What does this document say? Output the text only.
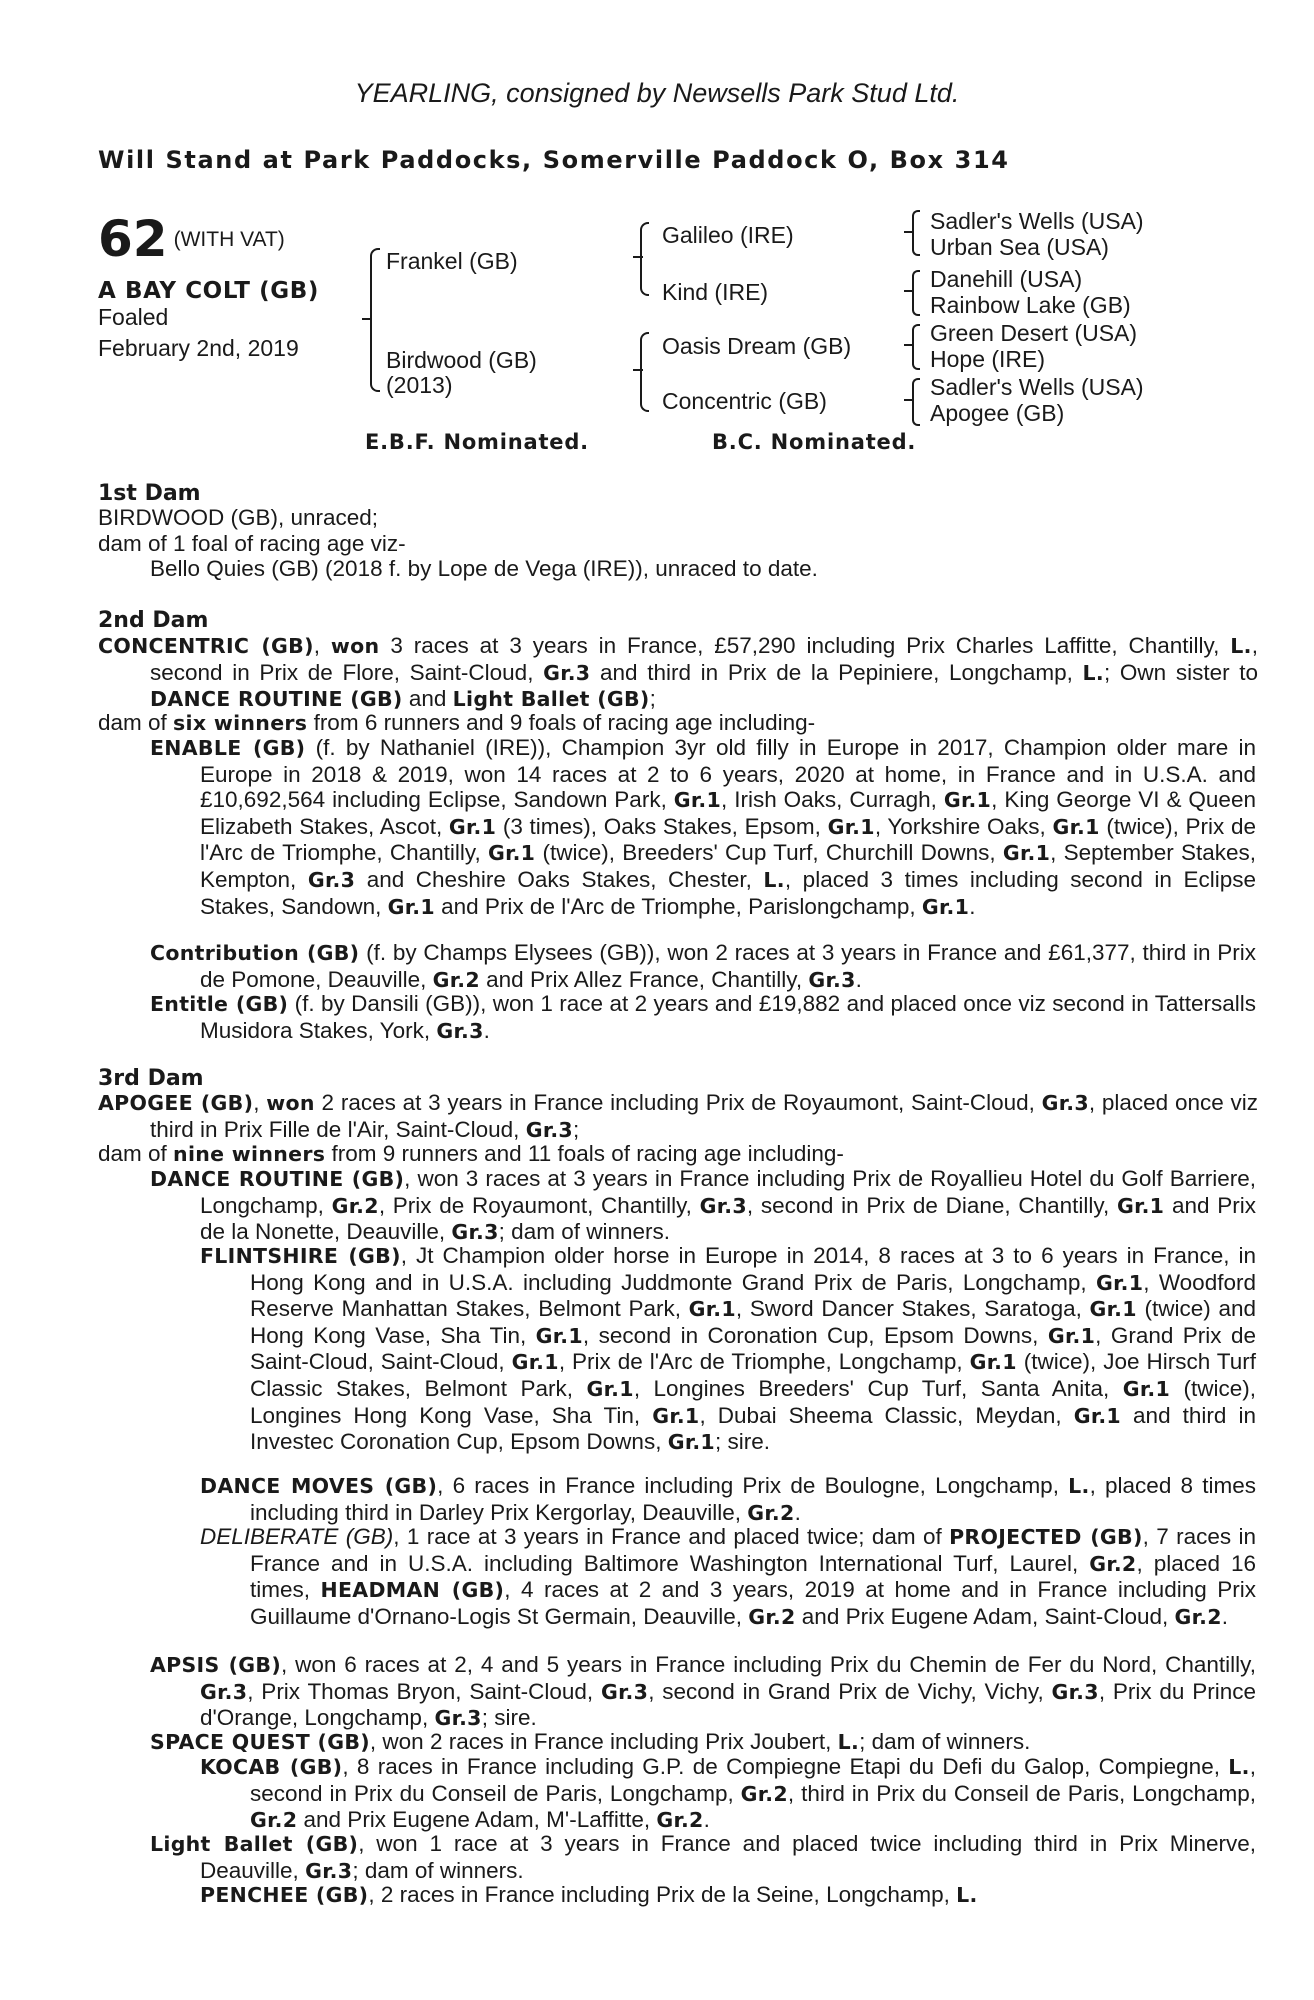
YEARLING, consigned by Newsells Park Stud Ltd.
Will Stand at Park Paddocks, Somerville Paddock O, Box 314
62 (WITH VAT)
A BAY COLT (GB)
Foaled
February 2nd, 2019
Frankel (GB)
Birdwood (GB)
(2013)
Galileo (IRE)
Kind (IRE)
Oasis Dream (GB)
Concentric (GB)
Sadler's Wells (USA)
Urban Sea (USA)
Danehill (USA)
Rainbow Lake (GB)
Green Desert (USA)
Hope (IRE)
Sadler's Wells (USA)
Apogee (GB)
E.B.F. Nominated.	B.C. Nominated.
1st Dam
BIRDWOOD (GB), unraced;
dam of 1 foal of racing age viz-
Bello Quies (GB) (2018 f. by Lope de Vega (IRE)), unraced to date.
2nd Dam
CONCENTRIC (GB), won 3 races at 3 years in France, £57,290 including Prix Charles Laffitte, Chantilly, L., second in Prix de Flore, Saint-Cloud, Gr.3 and third in Prix de la Pepiniere, Longchamp, L.; Own sister to DANCE ROUTINE (GB) and Light Ballet (GB);
dam of six winners from 6 runners and 9 foals of racing age including-
ENABLE (GB) (f. by Nathaniel (IRE)), Champion 3yr old filly in Europe in 2017, Champion older mare in Europe in 2018 & 2019, won 14 races at 2 to 6 years, 2020 at home, in France and in U.S.A. and £10,692,564 including Eclipse, Sandown Park, Gr.1, Irish Oaks, Curragh, Gr.1, King George VI & Queen Elizabeth Stakes, Ascot, Gr.1 (3 times), Oaks Stakes, Epsom, Gr.1, Yorkshire Oaks, Gr.1 (twice), Prix de l'Arc de Triomphe, Chantilly, Gr.1 (twice), Breeders' Cup Turf, Churchill Downs, Gr.1, September Stakes, Kempton, Gr.3 and Cheshire Oaks Stakes, Chester, L., placed 3 times including second in Eclipse Stakes, Sandown, Gr.1 and Prix de l'Arc de Triomphe, Parislongchamp, Gr.1.
Contribution (GB) (f. by Champs Elysees (GB)), won 2 races at 3 years in France and £61,377, third in Prix de Pomone, Deauville, Gr.2 and Prix Allez France, Chantilly, Gr.3.
Entitle (GB) (f. by Dansili (GB)), won 1 race at 2 years and £19,882 and placed once viz second in Tattersalls Musidora Stakes, York, Gr.3.
3rd Dam
APOGEE (GB), won 2 races at 3 years in France including Prix de Royaumont, Saint-Cloud, Gr.3, placed once viz third in Prix Fille de l'Air, Saint-Cloud, Gr.3;
dam of nine winners from 9 runners and 11 foals of racing age including-
DANCE ROUTINE (GB), won 3 races at 3 years in France including Prix de Royallieu Hotel du Golf Barriere, Longchamp, Gr.2, Prix de Royaumont, Chantilly, Gr.3, second in Prix de Diane, Chantilly, Gr.1 and Prix de la Nonette, Deauville, Gr.3; dam of winners.
FLINTSHIRE (GB), Jt Champion older horse in Europe in 2014, 8 races at 3 to 6 years in France, in Hong Kong and in U.S.A. including Juddmonte Grand Prix de Paris, Longchamp, Gr.1, Woodford Reserve Manhattan Stakes, Belmont Park, Gr.1, Sword Dancer Stakes, Saratoga, Gr.1 (twice) and Hong Kong Vase, Sha Tin, Gr.1, second in Coronation Cup, Epsom Downs, Gr.1, Grand Prix de Saint-Cloud, Saint-Cloud, Gr.1, Prix de l'Arc de Triomphe, Longchamp, Gr.1 (twice), Joe Hirsch Turf Classic Stakes, Belmont Park, Gr.1, Longines Breeders' Cup Turf, Santa Anita, Gr.1 (twice), Longines Hong Kong Vase, Sha Tin, Gr.1, Dubai Sheema Classic, Meydan, Gr.1 and third in Investec Coronation Cup, Epsom Downs, Gr.1; sire.
DANCE MOVES (GB), 6 races in France including Prix de Boulogne, Longchamp, L., placed 8 times including third in Darley Prix Kergorlay, Deauville, Gr.2.
DELIBERATE (GB), 1 race at 3 years in France and placed twice; dam of PROJECTED (GB), 7 races in France and in U.S.A. including Baltimore Washington International Turf, Laurel, Gr.2, placed 16 times, HEADMAN (GB), 4 races at 2 and 3 years, 2019 at home and in France including Prix Guillaume d'Ornano-Logis St Germain, Deauville, Gr.2 and Prix Eugene Adam, Saint-Cloud, Gr.2.
APSIS (GB), won 6 races at 2, 4 and 5 years in France including Prix du Chemin de Fer du Nord, Chantilly, Gr.3, Prix Thomas Bryon, Saint-Cloud, Gr.3, second in Grand Prix de Vichy, Vichy, Gr.3, Prix du Prince d'Orange, Longchamp, Gr.3; sire.
SPACE QUEST (GB), won 2 races in France including Prix Joubert, L.; dam of winners.
KOCAB (GB), 8 races in France including G.P. de Compiegne Etapi du Defi du Galop, Compiegne, L., second in Prix du Conseil de Paris, Longchamp, Gr.2, third in Prix du Conseil de Paris, Longchamp, Gr.2 and Prix Eugene Adam, M'-Laffitte, Gr.2.
Light Ballet (GB), won 1 race at 3 years in France and placed twice including third in Prix Minerve, Deauville, Gr.3; dam of winners.
PENCHEE (GB), 2 races in France including Prix de la Seine, Longchamp, L.
